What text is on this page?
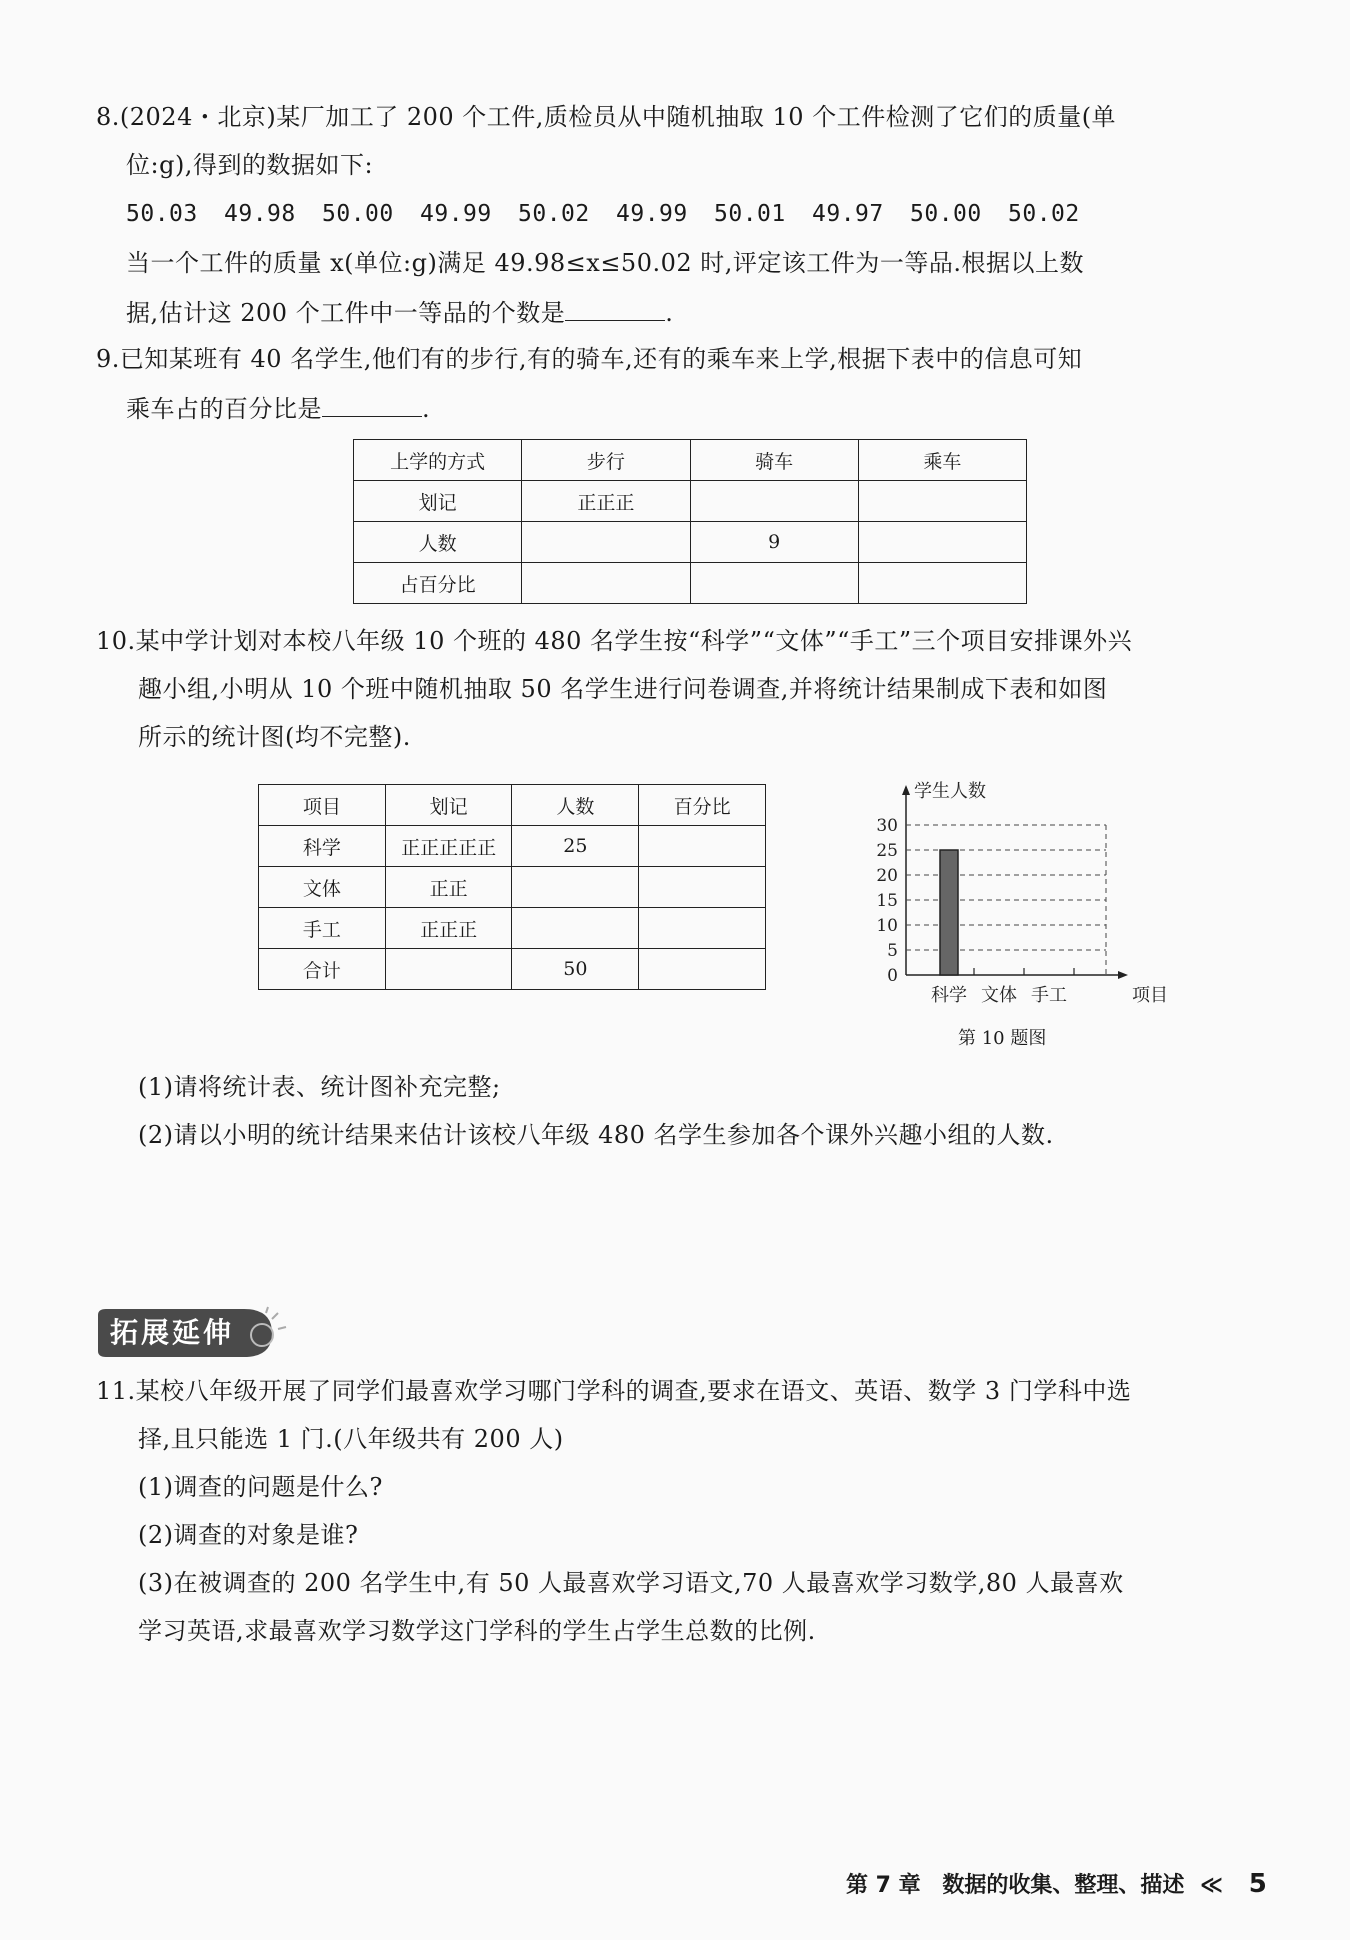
8.(2024・北京)某厂加工了 200 个工件,质检员从中随机抽取 10 个工件检测了它们的质量(单
位:g),得到的数据如下:
50.03 49.98 50.00 49.99 50.02 49.99 50.01 49.97 50.00 50.02
当一个工件的质量 x(单位:g)满足 49.98≤x≤50.02 时,评定该工件为一等品.根据以上数
据,估计这 200 个工件中一等品的个数是	.
9.已知某班有 40 名学生,他们有的步行,有的骑车,还有的乘车来上学,根据下表中的信息可知
乘车占的百分比是	.
上学的方式	步行	骑车	乘车
划记	正正正		
人数		9	
占百分比			
10.某中学计划对本校八年级 10 个班的 480 名学生按“科学”“文体”“手工”三个项目安排课外兴
趣小组,小明从 10 个班中随机抽取 50 名学生进行问卷调查,并将统计结果制成下表和如图
所示的统计图(均不完整).
项目	划记	人数	百分比
科学	正正正正正	25	
文体	正正		
手工	正正正		
合计		50	
学生人数
项目
0
5
10
15
20
25
30
科学 文体 手工
第 10 题图
(1)请将统计表、统计图补充完整;
(2)请以小明的统计结果来估计该校八年级 480 名学生参加各个课外兴趣小组的人数.
拓展延伸
11.某校八年级开展了同学们最喜欢学习哪门学科的调查,要求在语文、英语、数学 3 门学科中选
择,且只能选 1 门.(八年级共有 200 人)
(1)调查的问题是什么?
(2)调查的对象是谁?
(3)在被调查的 200 名学生中,有 50 人最喜欢学习语文,70 人最喜欢学习数学,80 人最喜欢
学习英语,求最喜欢学习数学这门学科的学生占学生总数的比例.
第 7 章 数据的收集、整理、描述 ≪ 5
